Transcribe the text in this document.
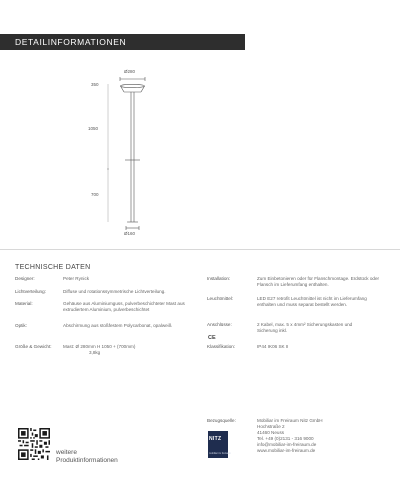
DETAILINFORMATIONEN
Ø280
350
1050
700
Ø160
TECHNISCHE DATEN
Designer:	Peter Rynick
Lichtverteilung:	Diffuse und rotationssymmetrische Lichtverteilung.
Material:	Gehäuse aus Aluminiumguss, pulverbeschichteter Mast aus extrudiertem Aluminium, pulverbeschichtet
Optik:	Abschirmung aus stoßfestem Polycarbonat, opalweiß
Größe & Gewicht: Mast: Ø 280mm H 1050 + (700mm)
3,8kg
Installation:	Zum Einbetonieren oder für Flanschmontage. Erdstück oder Flansch im Lieferumfang enthalten.
Leuchtmittel:	LED E27 retrofit Leuchtmittel ist nicht im Lieferumfang enthalten und muss separat bestellt werden.
Anschlüsse:	2 Kabel, max. 5 x 4mm² Sicherungskasten und Sicherung inkl.
CE
Klassifikation:	IP44 IK06 SK II
Bezugsquelle:	Mobiliar im Freiraum Nitz GmbH
Hochstraße 2
41460 Neuss
Tel. +49 (0)2131 - 316 9000
info@mobiliar-im-freiraum.de
www.mobiliar-im-freiraum.de
NITZ
mobiliar im freiraum
weitere
Produktinformationen
